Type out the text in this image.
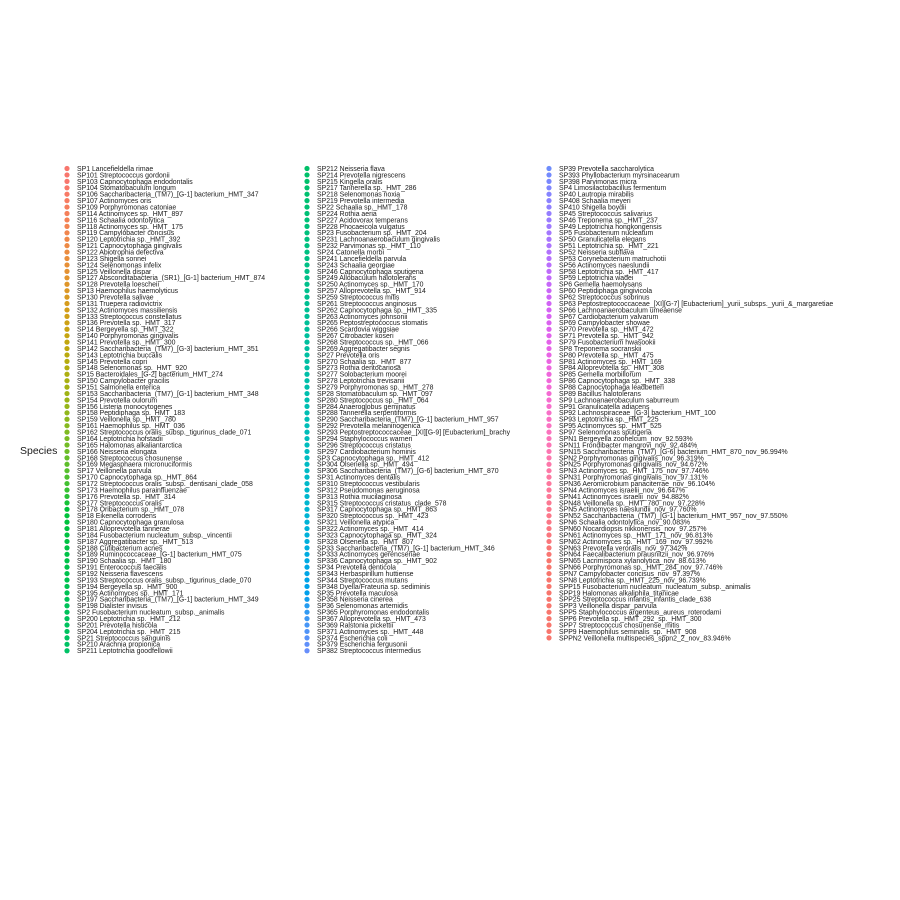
Species
SP1 Lancefieldella rimae
SP101 Streptococcus gordonii
SP103 Capnocytophaga endodontalis
SP104 Stomatobaculum longum
SP106 Saccharibacteria_(TM7)_[G-1] bacterium_HMT_347
SP107 Actinomyces oris
SP109 Porphyromonas catoniae
SP114 Actinomyces sp._HMT_897
SP116 Schaalia odontolytica
SP118 Actinomyces sp._HMT_175
SP119 Campylobacter concisus
SP120 Leptotrichia sp._HMT_392
SP121 Capnocytophaga gingivalis
SP122 Abiotrophia defectiva
SP123 Shigella sonnei
SP124 Selenomonas infelix
SP125 Veillonella dispar
SP127 Absconditabacteria_(SR1)_[G-1] bacterium_HMT_874
SP128 Prevotella loescheii
SP13 Haemophilus haemolyticus
SP130 Prevotella salivae
SP131 Truepera radiovictrix
SP132 Actinomyces massiliensis
SP133 Streptococcus constellatus
SP136 Prevotella sp._HMT_317
SP14 Bergeyella sp._HMT_322
SP140 Porphyromonas gingivalis
SP141 Prevotella sp._HMT_300
SP142 Saccharibacteria_(TM7)_[G-3] bacterium_HMT_351
SP143 Leptotrichia buccalis
SP145 Prevotella copri
SP148 Selenomonas sp._HMT_920
SP15 Bacteroidales_[G-2] bacterium_HMT_274
SP150 Campylobacter gracilis
SP151 Salmonella enterica
SP153 Saccharibacteria_(TM7)_[G-1] bacterium_HMT_348
SP154 Prevotella oulorum
SP156 Listeria monocytogenes
SP158 Peptidiphaga sp._HMT_183
SP159 Veillonella sp._HMT_780
SP161 Haemophilus sp._HMT_036
SP162 Streptococcus oralis_subsp._tigurinus_clade_071
SP164 Leptotrichia hofstadii
SP165 Halomonas alkaliantarctica
SP166 Neisseria elongata
SP168 Streptococcus chosunense
SP169 Megasphaera micronuciformis
SP17 Veillonella parvula
SP170 Capnocytophaga sp._HMT_864
SP172 Streptococcus oralis_subsp._dentisani_clade_058
SP173 Haemophilus parainfluenzae
SP176 Prevotella sp._HMT_314
SP177 Streptococcus oralis
SP178 Oribacterium sp._HMT_078
SP18 Eikenella corrodens
SP180 Capnocytophaga granulosa
SP181 Alloprevotella tannerae
SP184 Fusobacterium nucleatum_subsp._vincentii
SP187 Aggregatibacter sp._HMT_513
SP188 Cutibacterium acnes
SP189 Ruminococcaceae_[G-1] bacterium_HMT_075
SP190 Schaalia sp._HMT_180
SP191 Enterococcus faecalis
SP192 Neisseria flavescens
SP193 Streptococcus oralis_subsp._tigurinus_clade_070
SP194 Bergeyella sp._HMT_900
SP195 Actinomyces sp._HMT_171
SP197 Saccharibacteria_(TM7)_[G-1] bacterium_HMT_349
SP198 Dialister invisus
SP2 Fusobacterium nucleatum_subsp._animalis
SP200 Leptotrichia sp._HMT_212
SP201 Prevotella histicola
SP204 Leptotrichia sp._HMT_215
SP21 Streptococcus sanguinis
SP210 Arachnia propionica
SP211 Leptotrichia goodfellowii
SP212 Neisseria flava
SP214 Prevotella nigrescens
SP215 Kingella oralis
SP217 Tannerella sp._HMT_286
SP218 Selenomonas noxia
SP219 Prevotella intermedia
SP22 Schaalia sp._HMT_178
SP224 Rothia aeria
SP227 Acidovorax temperans
SP228 Phocaeicola vulgatus
SP23 Fusobacterium sp._HMT_204
SP231 Lachnoanaerobaculum gingivalis
SP232 Parvimonas sp._HMT_110
SP24 Catonella morbi
SP241 Lancefieldella parvula
SP243 Schaalia georgiae
SP246 Capnocytophaga sputigena
SP249 Allobaculum halotolerans
SP250 Actinomyces sp._HMT_170
SP257 Alloprevotella sp._HMT_914
SP259 Streptococcus mitis
SP261 Streptococcus anginosus
SP262 Capnocytophaga sp._HMT_335
SP263 Actinomyces johnsonii
SP265 Peptostreptococcus stomatis
SP266 Scardovia wiggsiae
SP267 Citrobacter koseri
SP268 Streptococcus sp._HMT_066
SP269 Aggregatibacter segnis
SP27 Prevotella oris
SP270 Schaalia sp._HMT_877
SP273 Rothia dentocariosa
SP277 Solobacterium moorei
SP278 Leptotrichia trevisanii
SP279 Porphyromonas sp._HMT_278
SP28 Stomatobaculum sp._HMT_097
SP280 Streptococcus sp._HMT_064
SP284 Anaeroglobus geminatus
SP288 Tannerella serpentiformis
SP290 Saccharibacteria_(TM7)_[G-1] bacterium_HMT_957
SP292 Prevotella melaninogenica
SP293 Peptostreptococcaceae_[XI][G-9] [Eubacterium]_brachy
SP294 Staphylococcus warneri
SP296 Streptococcus cristatus
SP297 Cardiobacterium hominis
SP3 Capnocytophaga sp._HMT_412
SP304 Olsenella sp._HMT_494
SP306 Saccharibacteria_(TM7)_[G-6] bacterium_HMT_870
SP31 Actinomyces dentalis
SP310 Streptococcus vestibularis
SP312 Pseudomonas aeruginosa
SP313 Rothia mucilaginosa
SP315 Streptococcus cristatus_clade_578
SP317 Capnocytophaga sp._HMT_863
SP320 Streptococcus sp._HMT_423
SP321 Veillonella atypica
SP322 Actinomyces sp._HMT_414
SP323 Capnocytophaga sp._HMT_324
SP328 Olsenella sp._HMT_807
SP33 Saccharibacteria_(TM7)_[G-1] bacterium_HMT_346
SP333 Actinomyces gerencseriae
SP336 Capnocytophaga sp._HMT_902
SP34 Prevotella denticola
SP343 Herbaspirillum huttiense
SP344 Streptococcus mutans
SP348 Dyella/Frateuria sp. sediminis
SP35 Prevotella maculosa
SP358 Neisseria cinerea
SP36 Selenomonas artemidis
SP365 Porphyromonas endodontalis
SP367 Alloprevotella sp._HMT_473
SP369 Ralstonia pickettii
SP371 Actinomyces sp._HMT_448
SP374 Escherichia coli
SP379 Escherichia fergusonii
SP382 Streptococcus intermedius
SP39 Prevotella saccharolytica
SP393 Phyllobacterium myrsinacearum
SP398 Parvimonas micra
SP4 Limosilactobacillus fermentum
SP40 Lautropia mirabilis
SP408 Schaalia meyeri
SP410 Shigella boydii
SP45 Streptococcus salivarius
SP46 Treponema sp._HMT_237
SP49 Leptotrichia hongkongensis
SP5 Fusobacterium nucleatum
SP50 Granulicatella elegans
SP51 Leptotrichia sp._HMT_221
SP52 Neisseria subflava
SP53 Corynebacterium matruchotii
SP56 Actinomyces naeslundii
SP58 Leptotrichia sp._HMT_417
SP59 Leptotrichia wadei
SP6 Gemella haemolysans
SP60 Peptidiphaga gingivicola
SP62 Streptococcus sobrinus
SP63 Peptostreptococcaceae_[XI][G-7] [Eubacterium]_yurii_subsps._yurii_&_margaretiae
SP66 Lachnoanaerobaculum umeaense
SP67 Cardiobacterium valvarum
SP69 Campylobacter showae
SP70 Prevotella sp._HMT_472
SP71 Prevotella sp._HMT_942
SP79 Fusobacterium hwasookii
SP8 Treponema socranskii
SP80 Prevotella sp._HMT_475
SP81 Actinomyces sp._HMT_169
SP84 Alloprevotella sp._HMT_308
SP85 Gemella morbillorum
SP86 Capnocytophaga sp._HMT_338
SP88 Capnocytophaga leadbetteri
SP89 Bacillus halotolerans
SP9 Lachnoanaerobaculum saburreum
SP91 Granulicatella adiacens
SP92 Lachnospiraceae_[G-3] bacterium_HMT_100
SP93 Leptotrichia sp._HMT_225
SP95 Actinomyces sp._HMT_525
SP97 Selenomonas sputigena
SPN1 Bergeyella zoohelcum_nov_92.593%
SPN11 Frondibacter mangrovi_nov_92.484%
SPN15 Saccharibacteria_(TM7)_[G-6] bacterium_HMT_870_nov_96.994%
SPN2 Porphyromonas gingivalis_nov_96.319%
SPN25 Porphyromonas gingivalis_nov_94.672%
SPN3 Actinomyces sp._HMT_175_nov_97.746%
SPN31 Porphyromonas gingivalis_nov_97.131%
SPN36 Aeromicrobium panaciterrae_nov_96.104%
SPN4 Actinomyces israelii_nov_96.647%
SPN41 Actinomyces israelii_nov_94.882%
SPN48 Veillonella sp._HMT_780_nov_97.228%
SPN5 Actinomyces naeslundii_nov_97.760%
SPN52 Saccharibacteria_(TM7)_[G-1] bacterium_HMT_957_nov_97.550%
SPN6 Schaalia odontolytica_nov_90.083%
SPN60 Nocardiopsis nikkonensis_nov_97.257%
SPN61 Actinomyces sp._HMT_171_nov_96.813%
SPN62 Actinomyces sp._HMT_169_nov_97.992%
SPN63 Prevotella veroralis_nov_97.342%
SPN64 Faecalibacterium prausnitzii_nov_96.976%
SPN65 Lacrimispora xylanolytica_nov_88.613%
SPN66 Porphyromonas sp._HMT_284_nov_97.746%
SPN7 Campylobacter concisus_nov_97.397%
SPN8 Leptotrichia sp._HMT_225_nov_96.739%
SPP15 Fusobacterium nucleatum_nucleatum_subsp._animalis
SPP19 Halomonas alkaliphila_titanicae
SPP25 Streptococcus infantis_infantis_clade_638
SPP3 Veillonella dispar_parvula
SPP5 Staphylococcus argenteus_aureus_roterodami
SPP6 Prevotella sp._HMT_292_sp._HMT_300
SPP7 Streptococcus chosunense_mitis
SPP9 Haemophilus seminalis_sp._HMT_908
SPPN2 Veillonella multispecies_sppn2_2_nov_83.946%
